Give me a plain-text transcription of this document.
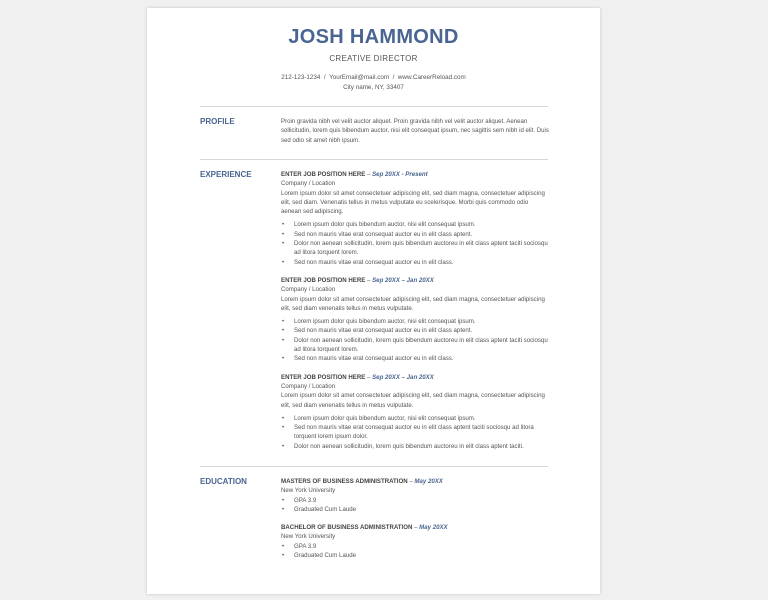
JOSH HAMMOND
CREATIVE DIRECTOR
212-123-1234  /  YourEmail@mail.com  /  www.CareerReload.com
City name, NY, 33407
PROFILE	Proin gravida nibh vel velit auctor aliquet. Proin gravida nibh vel velit auctor aliquet. Aenean sollicitudin, lorem quis bibendum auctor, nisi elit consequat ipsum, nec sagittis sem nibh id elit. Duis sed odio sit amet nibh ipsum.
EXPERIENCE	ENTER JOB POSITION HERE – Sep 20XX - Present
Company / Location
Lorem ipsum dolor sit amet consectetuer adipiscing elit, sed diam magna, consectetuer adipiscing elit, sed diam. Venenatis tellus in metus vulputate eu scelerisque. Morbi quis commodo odio aenean sed adipiscing.
• Lorem ipsum dolor quis bibendum auctor, nisi elit consequat ipsum.
• Sed non mauris vitae erat consequat auctor eu in elit class aptent.
• Dolor non aenean sollicitudin, lorem quis bibendum auctoreu in elit class aptent taciti sociosqu ad litora torquent lorem.
• Sed non mauris vitae erat consequat auctor eu in elit class.
ENTER JOB POSITION HERE – Sep 20XX – Jan 20XX
Company / Location
Lorem ipsum dolor sit amet consectetuer adipiscing elit, sed diam magna, consectetuer adipiscing elit, sed diam venenatis tellus in metus vulputate.
• Lorem ipsum dolor quis bibendum auctor, nisi elit consequat ipsum.
• Sed non mauris vitae erat consequat auctor eu in elit class aptent.
• Dolor non aenean sollicitudin, lorem quis bibendum auctoreu in elit class aptent taciti sociosqu ad litora torquent lorem.
• Sed non mauris vitae erat consequat auctor eu in elit class.
ENTER JOB POSITION HERE – Sep 20XX – Jan 20XX
Company / Location
Lorem ipsum dolor sit amet consectetuer adipiscing elit, sed diam magna, consectetuer adipiscing elit, sed diam venenatis tellus in metus vulputate.
• Lorem ipsum dolor quis bibendum auctor, nisi elit consequat ipsum.
• Sed non mauris vitae erat consequat auctor eu in elit class aptent taciti sociosqu ad litora torquent lorem ipsum dolor.
• Dolor non aenean sollicitudin, lorem quis bibendum auctoreu in elit class aptent taciti.
EDUCATION	MASTERS OF BUSINESS ADMINISTRATION – May 20XX
New York University
• GPA 3.9
• Graduated Cum Laude
BACHELOR OF BUSINESS ADMINISTRATION – May 20XX
New York University
• GPA 3.9
• Graduated Cum Laude
